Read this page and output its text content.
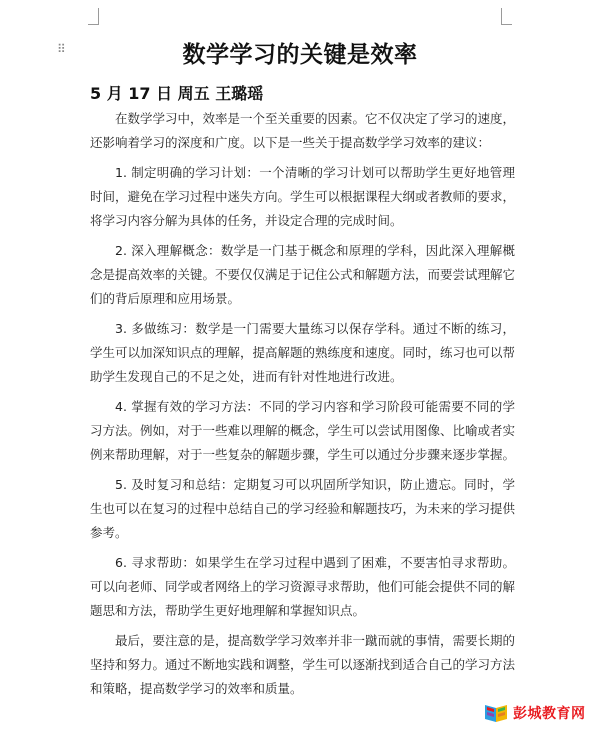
⠿	数学学习的关键是效率
5 月 17 日 周五 王璐瑶

在数学学习中，效率是一个至关重要的因素。它不仅决定了学习的速度，还影响着学习的深度和广度。以下是一些关于提高数学学习效率的建议：

1. 制定明确的学习计划：一个清晰的学习计划可以帮助学生更好地管理时间，避免在学习过程中迷失方向。学生可以根据课程大纲或者教师的要求，将学习内容分解为具体的任务，并设定合理的完成时间。

2. 深入理解概念：数学是一门基于概念和原理的学科，因此深入理解概念是提高效率的关键。不要仅仅满足于记住公式和解题方法，而要尝试理解它们的背后原理和应用场景。

3. 多做练习：数学是一门需要大量练习以保存学科。通过不断的练习，学生可以加深知识点的理解，提高解题的熟练度和速度。同时，练习也可以帮助学生发现自己的不足之处，进而有针对性地进行改进。

4. 掌握有效的学习方法：不同的学习内容和学习阶段可能需要不同的学习方法。例如，对于一些难以理解的概念，学生可以尝试用图像、比喻或者实例来帮助理解，对于一些复杂的解题步骤，学生可以通过分步骤来逐步掌握。

5. 及时复习和总结：定期复习可以巩固所学知识，防止遗忘。同时，学生也可以在复习的过程中总结自己的学习经验和解题技巧，为未来的学习提供参考。

6. 寻求帮助：如果学生在学习过程中遇到了困难，不要害怕寻求帮助。可以向老师、同学或者网络上的学习资源寻求帮助，他们可能会提供不同的解题思和方法，帮助学生更好地理解和掌握知识点。

最后，要注意的是，提高数学学习效率并非一蹴而就的事情，需要长期的坚持和努力。通过不断地实践和调整，学生可以逐渐找到适合自己的学习方法和策略，提高数学学习的效率和质量。

彭城教育网
